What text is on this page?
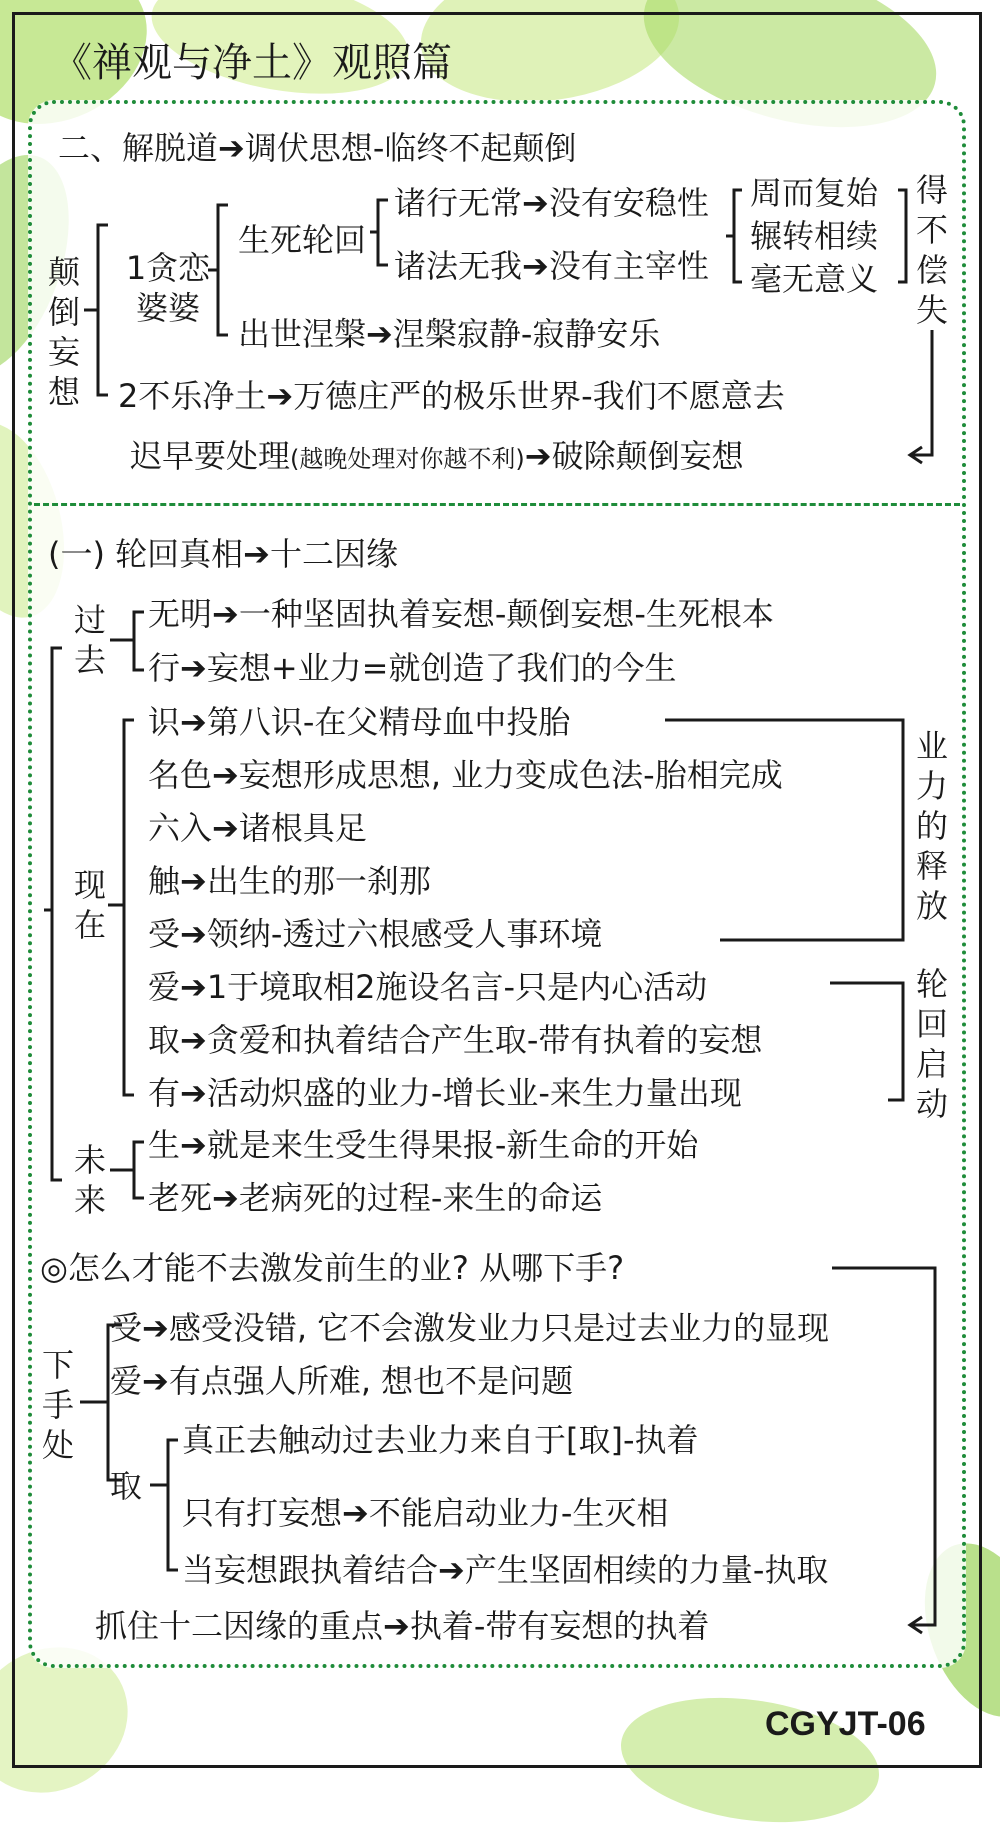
《禅观与净土》观照篇
二、解脱道➔调伏思想-临终不起颠倒
颠倒妄想
1贪恋婆婆
生死轮回
诸行无常➔没有安稳性
诸法无我➔没有主宰性
周而复始
辗转相续
毫无意义
得不偿失
出世涅槃➔涅槃寂静-寂静安乐
2不乐净土➔万德庄严的极乐世界-我们不愿意去
迟早要处理(越晚处理对你越不利)➔破除颠倒妄想
(一) 轮回真相➔十二因缘
过去
无明➔一种坚固执着妄想-颠倒妄想-生死根本
行➔妄想+业力=就创造了我们的今生
现在
识➔第八识-在父精母血中投胎
名色➔妄想形成思想, 业力变成色法-胎相完成
六入➔诸根具足
触➔出生的那一刹那
受➔领纳-透过六根感受人事环境
爱➔1于境取相2施设名言-只是内心活动
取➔贪爱和执着结合产生取-带有执着的妄想
有➔活动炽盛的业力-增长业-来生力量出现
业力的释放
轮回启动
未来
生➔就是来生受生得果报-新生命的开始
老死➔老病死的过程-来生的命运
◎怎么才能不去激发前生的业? 从哪下手?
下手处
受➔感受没错, 它不会激发业力只是过去业力的显现
爱➔有点强人所难, 想也不是问题
取
真正去触动过去业力来自于[取]-执着
只有打妄想➔不能启动业力-生灭相
当妄想跟执着结合➔产生坚固相续的力量-执取
抓住十二因缘的重点➔执着-带有妄想的执着
CGYJT-06
